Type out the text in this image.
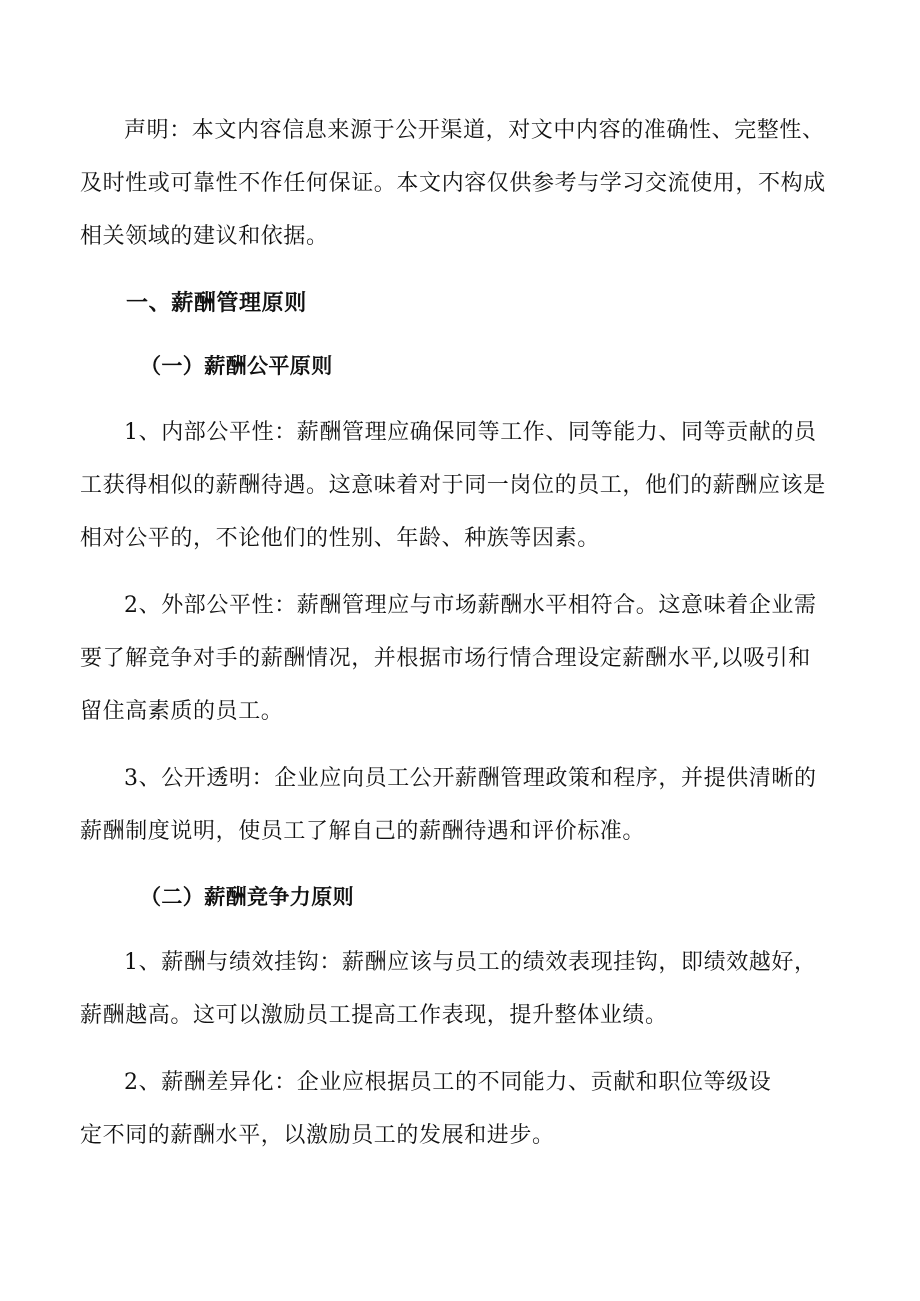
声明：本文内容信息来源于公开渠道，对文中内容的准确性、完整性、
及时性或可靠性不作任何保证。本文内容仅供参考与学习交流使用，不构成
相关领域的建议和依据。
一、薪酬管理原则
（一）薪酬公平原则
1、内部公平性：薪酬管理应确保同等工作、同等能力、同等贡献的员
工获得相似的薪酬待遇。这意味着对于同一岗位的员工，他们的薪酬应该是
相对公平的，不论他们的性别、年龄、种族等因素。
2、外部公平性：薪酬管理应与市场薪酬水平相符合。这意味着企业需
要了解竞争对手的薪酬情况，并根据市场行情合理设定薪酬水平,以吸引和
留住高素质的员工。
3、公开透明：企业应向员工公开薪酬管理政策和程序，并提供清晰的
薪酬制度说明，使员工了解自己的薪酬待遇和评价标准。
（二）薪酬竞争力原则
1、薪酬与绩效挂钩：薪酬应该与员工的绩效表现挂钩，即绩效越好，
薪酬越高。这可以激励员工提高工作表现，提升整体业绩。
2、薪酬差异化：企业应根据员工的不同能力、贡献和职位等级设
定不同的薪酬水平，以激励员工的发展和进步。
